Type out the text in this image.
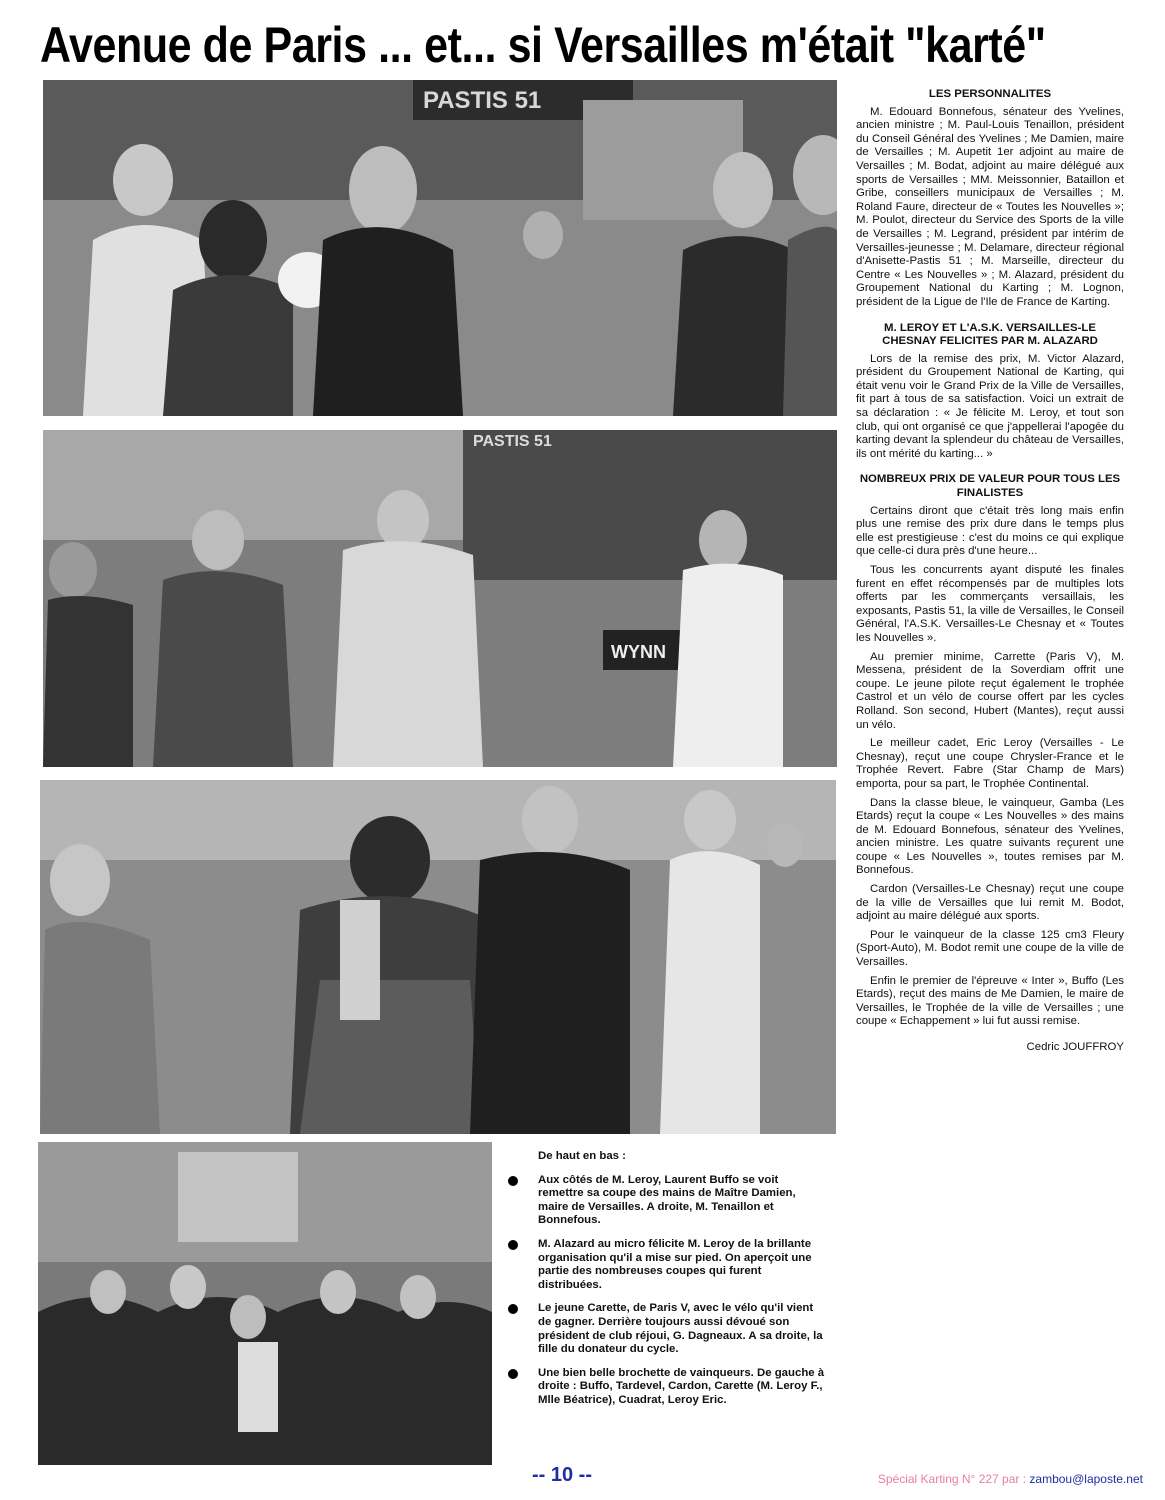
Avenue de Paris ... et... si Versailles m'était "karté"
PASTIS 51
PASTIS 51
WYNN
LES PERSONNALITES

M. Edouard Bonnefous, sénateur des Yvelines, ancien ministre ; M. Paul-Louis Tenaillon, président du Conseil Général des Yvelines ; Me Damien, maire de Versailles ; M. Aupetit 1er adjoint au maire de Versailles ; M. Bodat, adjoint au maire délégué aux sports de Versailles ; MM. Meissonnier, Bataillon et Gribe, conseillers municipaux de Versailles ; M. Roland Faure, directeur de « Toutes les Nouvelles »; M. Poulot, directeur du Service des Sports de la ville de Versailles ; M. Legrand, président par intérim de Versailles-jeunesse ; M. Delamare, directeur régional d'Anisette-Pastis 51 ; M. Marseille, directeur du Centre « Les Nouvelles » ; M. Alazard, président du Groupement National du Karting ; M. Lognon, président de la Ligue de l'Ile de France de Karting.

M. LEROY ET L'A.S.K. VERSAILLES-LE CHESNAY FELICITES PAR M. ALAZARD

Lors de la remise des prix, M. Victor Alazard, président du Groupement National de Karting, qui était venu voir le Grand Prix de la Ville de Versailles, fit part à tous de sa satisfaction. Voici un extrait de sa déclaration : « Je félicite M. Leroy, et tout son club, qui ont organisé ce que j'appellerai l'apogée du karting devant la splendeur du château de Versailles, ils ont mérité du karting... »

NOMBREUX PRIX DE VALEUR POUR TOUS LES FINALISTES

Certains diront que c'était très long mais enfin plus une remise des prix dure dans le temps plus elle est prestigieuse : c'est du moins ce qui explique que celle-ci dura près d'une heure...

Tous les concurrents ayant disputé les finales furent en effet récompensés par de multiples lots offerts par les commerçants versaillais, les exposants, Pastis 51, la ville de Versailles, le Conseil Général, l'A.S.K. Versailles-Le Chesnay et « Toutes les Nouvelles ».

Au premier minime, Carrette (Paris V), M. Messena, président de la Soverdiam offrit une coupe. Le jeune pilote reçut également le trophée Castrol et un vélo de course offert par les cycles Rolland. Son second, Hubert (Mantes), reçut aussi un vélo.

Le meilleur cadet, Eric Leroy (Versailles - Le Chesnay), reçut une coupe Chrysler-France et le Trophée Revert. Fabre (Star Champ de Mars) emporta, pour sa part, le Trophée Continental.

Dans la classe bleue, le vainqueur, Gamba (Les Etards) reçut la coupe « Les Nouvelles » des mains de M. Edouard Bonnefous, sénateur des Yvelines, ancien ministre. Les quatre suivants reçurent une coupe « Les Nouvelles », toutes remises par M. Bonnefous.

Cardon (Versailles-Le Chesnay) reçut une coupe de la ville de Versailles que lui remit M. Bodot, adjoint au maire délégué aux sports.

Pour le vainqueur de la classe 125 cm3 Fleury (Sport-Auto), M. Bodot remit une coupe de la ville de Versailles.

Enfin le premier de l'épreuve « Inter », Buffo (Les Etards), reçut des mains de Me Damien, le maire de Versailles, le Trophée de la ville de Versailles ; une coupe « Echappement » lui fut aussi remise.

Cedric JOUFFROY
De haut en bas :
Aux côtés de M. Leroy, Laurent Buffo se voit remettre sa coupe des mains de Maître Damien, maire de Versailles. A droite, M. Tenaillon et Bonnefous.
M. Alazard au micro félicite M. Leroy de la brillante organisation qu'il a mise sur pied. On aperçoit une partie des nombreuses coupes qui furent distribuées.
Le jeune Carette, de Paris V, avec le vélo qu'il vient de gagner. Derrière toujours aussi dévoué son président de club réjoui, G. Dagneaux. A sa droite, la fille du donateur du cycle.
Une bien belle brochette de vainqueurs. De gauche à droite : Buffo, Tardevel, Cardon, Carette (M. Leroy F., Mlle Béatrice), Cuadrat, Leroy Eric.
-- 10 --	Spécial Karting N° 227 par : zambou@laposte.net
